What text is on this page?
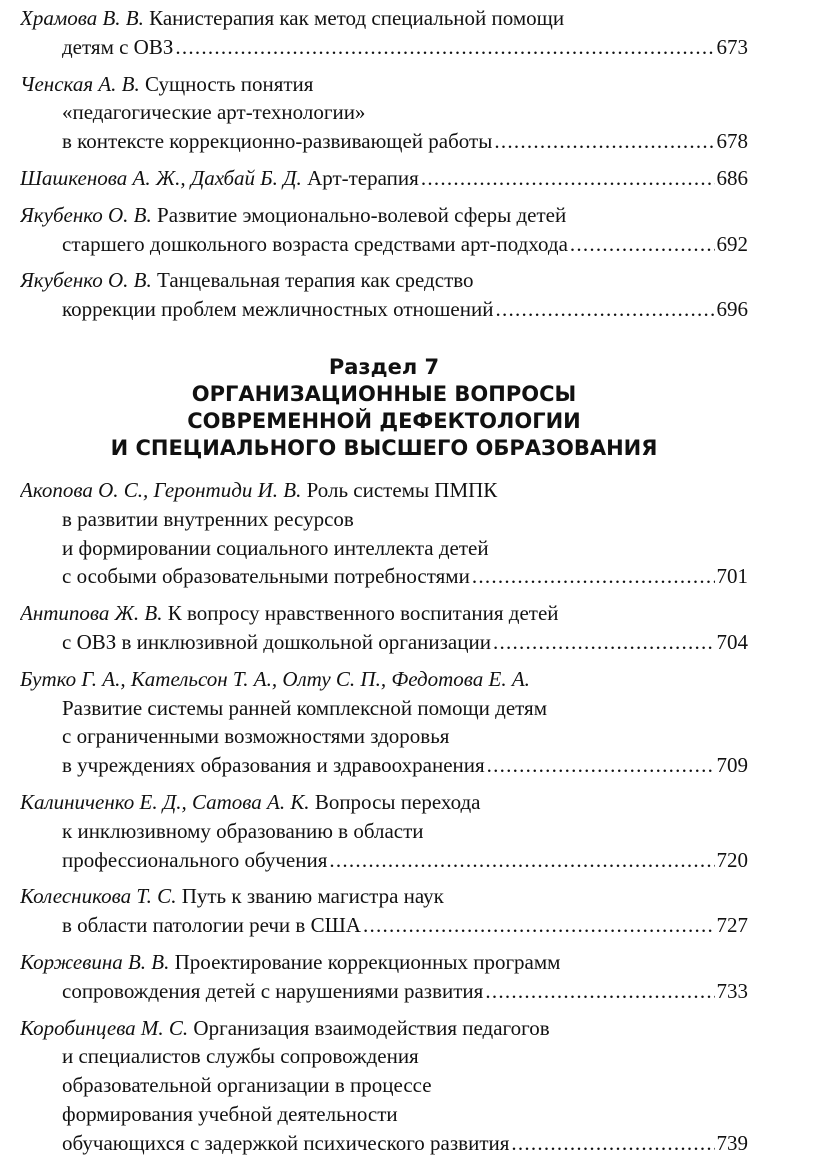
Храмова В. В. Канистерапия как метод специальной помощи
детям с ОВЗ . . .	673
Ченская А. В. Сущность понятия
«педагогические арт-технологии»
в контексте коррекционно-развивающей работы . . .	678
Шашкенова А. Ж., Дахбай Б. Д. Арт-терапия . . .	686
Якубенко О. В. Развитие эмоционально-волевой сферы детей
старшего дошкольного возраста средствами арт-подхода . . .	692
Якубенко О. В. Танцевальная терапия как средство
коррекции проблем межличностных отношений . . .	696
Раздел 7
ОРГАНИЗАЦИОННЫЕ ВОПРОСЫ
СОВРЕМЕННОЙ ДЕФЕКТОЛОГИИ
И СПЕЦИАЛЬНОГО ВЫСШЕГО ОБРАЗОВАНИЯ
Акопова О. С., Геронтиди И. В. Роль системы ПМПК
в развитии внутренних ресурсов
и формировании социального интеллекта детей
с особыми образовательными потребностями . . .	701
Антипова Ж. В. К вопросу нравственного воспитания детей
с ОВЗ в инклюзивной дошкольной организации . . .	704
Бутко Г. А., Кательсон Т. А., Олту С. П., Федотова Е. А.
Развитие системы ранней комплексной помощи детям
с ограниченными возможностями здоровья
в учреждениях образования и здравоохранения . . .	709
Калиниченко Е. Д., Сатова А. К. Вопросы перехода
к инклюзивному образованию в области
профессионального обучения . . .	720
Колесникова Т. С. Путь к званию магистра наук
в области патологии речи в США . . .	727
Коржевина В. В. Проектирование коррекционных программ
сопровождения детей с нарушениями развития . . .	733
Коробинцева М. С. Организация взаимодействия педагогов
и специалистов службы сопровождения
образовательной организации в процессе
формирования учебной деятельности
обучающихся с задержкой психического развития . . .	739
